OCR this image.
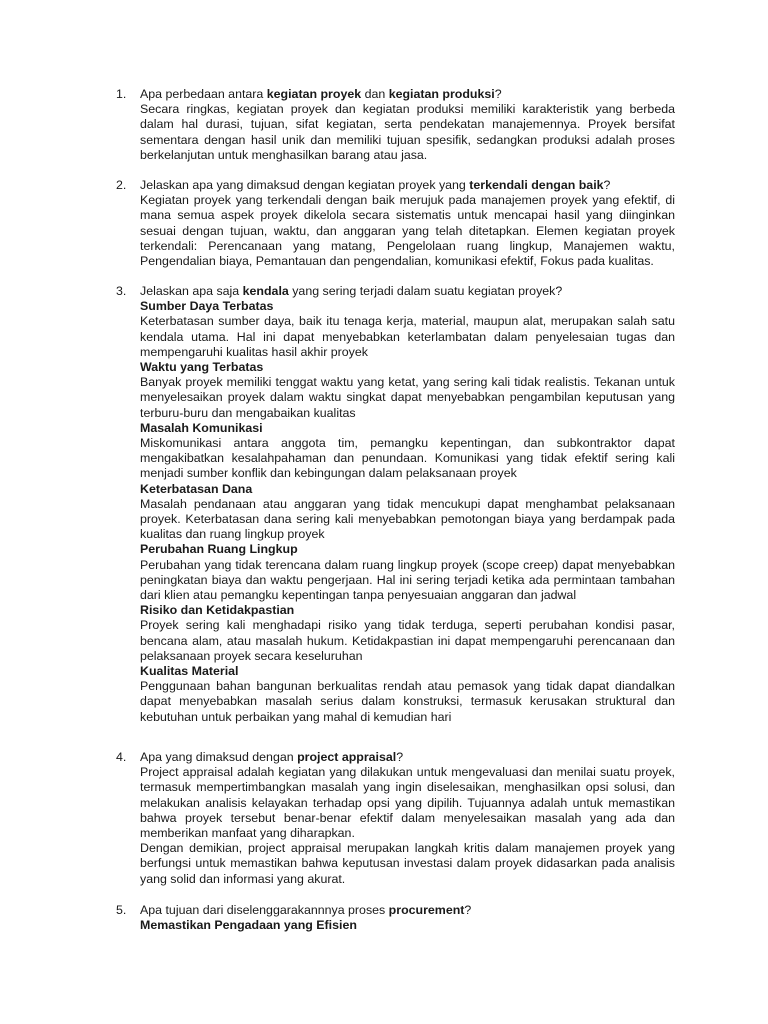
1. Apa perbedaan antara kegiatan proyek dan kegiatan produksi?
Secara ringkas, kegiatan proyek dan kegiatan produksi memiliki karakteristik yang berbeda dalam hal durasi, tujuan, sifat kegiatan, serta pendekatan manajemennya. Proyek bersifat sementara dengan hasil unik dan memiliki tujuan spesifik, sedangkan produksi adalah proses berkelanjutan untuk menghasilkan barang atau jasa.
2. Jelaskan apa yang dimaksud dengan kegiatan proyek yang terkendali dengan baik?
Kegiatan proyek yang terkendali dengan baik merujuk pada manajemen proyek yang efektif, di mana semua aspek proyek dikelola secara sistematis untuk mencapai hasil yang diinginkan sesuai dengan tujuan, waktu, dan anggaran yang telah ditetapkan. Elemen kegiatan proyek terkendali: Perencanaan yang matang, Pengelolaan ruang lingkup, Manajemen waktu, Pengendalian biaya, Pemantauan dan pengendalian, komunikasi efektif, Fokus pada kualitas.
3. Jelaskan apa saja kendala yang sering terjadi dalam suatu kegiatan proyek?
Sumber Daya Terbatas
Keterbatasan sumber daya, baik itu tenaga kerja, material, maupun alat, merupakan salah satu kendala utama. Hal ini dapat menyebabkan keterlambatan dalam penyelesaian tugas dan mempengaruhi kualitas hasil akhir proyek
Waktu yang Terbatas
Banyak proyek memiliki tenggat waktu yang ketat, yang sering kali tidak realistis. Tekanan untuk menyelesaikan proyek dalam waktu singkat dapat menyebabkan pengambilan keputusan yang terburu-buru dan mengabaikan kualitas
Masalah Komunikasi
Miskomunikasi antara anggota tim, pemangku kepentingan, dan subkontraktor dapat mengakibatkan kesalahpahaman dan penundaan. Komunikasi yang tidak efektif sering kali menjadi sumber konflik dan kebingungan dalam pelaksanaan proyek
Keterbatasan Dana
Masalah pendanaan atau anggaran yang tidak mencukupi dapat menghambat pelaksanaan proyek. Keterbatasan dana sering kali menyebabkan pemotongan biaya yang berdampak pada kualitas dan ruang lingkup proyek
Perubahan Ruang Lingkup
Perubahan yang tidak terencana dalam ruang lingkup proyek (scope creep) dapat menyebabkan peningkatan biaya dan waktu pengerjaan. Hal ini sering terjadi ketika ada permintaan tambahan dari klien atau pemangku kepentingan tanpa penyesuaian anggaran dan jadwal
Risiko dan Ketidakpastian
Proyek sering kali menghadapi risiko yang tidak terduga, seperti perubahan kondisi pasar, bencana alam, atau masalah hukum. Ketidakpastian ini dapat mempengaruhi perencanaan dan pelaksanaan proyek secara keseluruhan
Kualitas Material
Penggunaan bahan bangunan berkualitas rendah atau pemasok yang tidak dapat diandalkan dapat menyebabkan masalah serius dalam konstruksi, termasuk kerusakan struktural dan kebutuhan untuk perbaikan yang mahal di kemudian hari
4. Apa yang dimaksud dengan project appraisal?
Project appraisal adalah kegiatan yang dilakukan untuk mengevaluasi dan menilai suatu proyek, termasuk mempertimbangkan masalah yang ingin diselesaikan, menghasilkan opsi solusi, dan melakukan analisis kelayakan terhadap opsi yang dipilih. Tujuannya adalah untuk memastikan bahwa proyek tersebut benar-benar efektif dalam menyelesaikan masalah yang ada dan memberikan manfaat yang diharapkan.
Dengan demikian, project appraisal merupakan langkah kritis dalam manajemen proyek yang berfungsi untuk memastikan bahwa keputusan investasi dalam proyek didasarkan pada analisis yang solid dan informasi yang akurat.
5. Apa tujuan dari diselenggarakannnya proses procurement?
Memastikan Pengadaan yang Efisien
